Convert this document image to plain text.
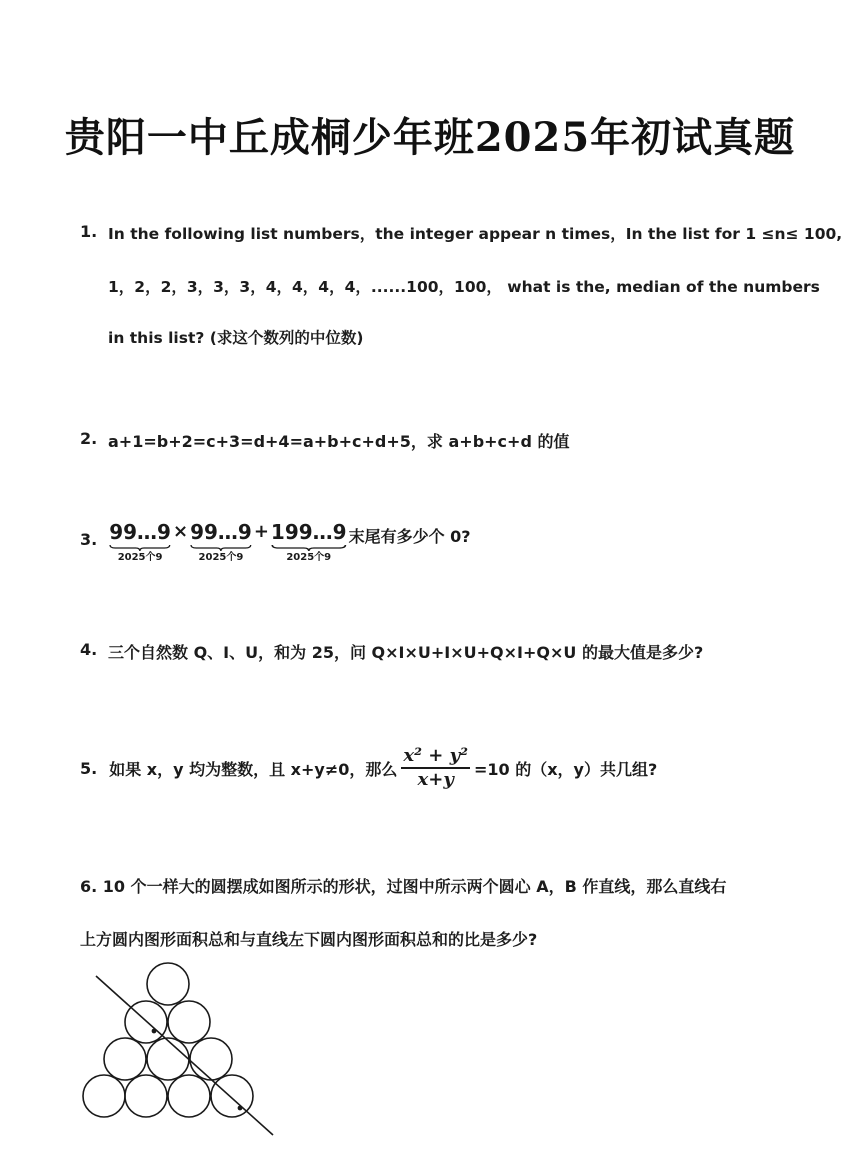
贵阳一中丘成桐少年班2025年初试真题
1. In the following list numbers，the integer appear n times，In the list for 1 ≤n≤ 100,
1，2，2，3，3，3，4，4，4，4，......100，100， what is the, median of the numbers
in this list? (求这个数列的中位数)
2. a+1=b+2=c+3=d+4=a+b+c+d+5，求 a+b+c+d 的值
3. 99…9
2025个9
× 99…9
2025个9
+ 199…9
2025个9
末尾有多少个 0?
4. 三个自然数 Q、I、U，和为 25，问 Q×I×U+I×U+Q×I+Q×U 的最大值是多少?
5. 如果 x，y 均为整数，且 x+y≠0，那么 $\frac{\text{x² + y²}}{x+y} =10$ 的（x，y）共几组?
6. 10 个一样大的圆摆成如图所示的形状，过图中所示两个圆心 A，B 作直线，那么直线右
上方圆内图形面积总和与直线左下圆内图形面积总和的比是多少?
